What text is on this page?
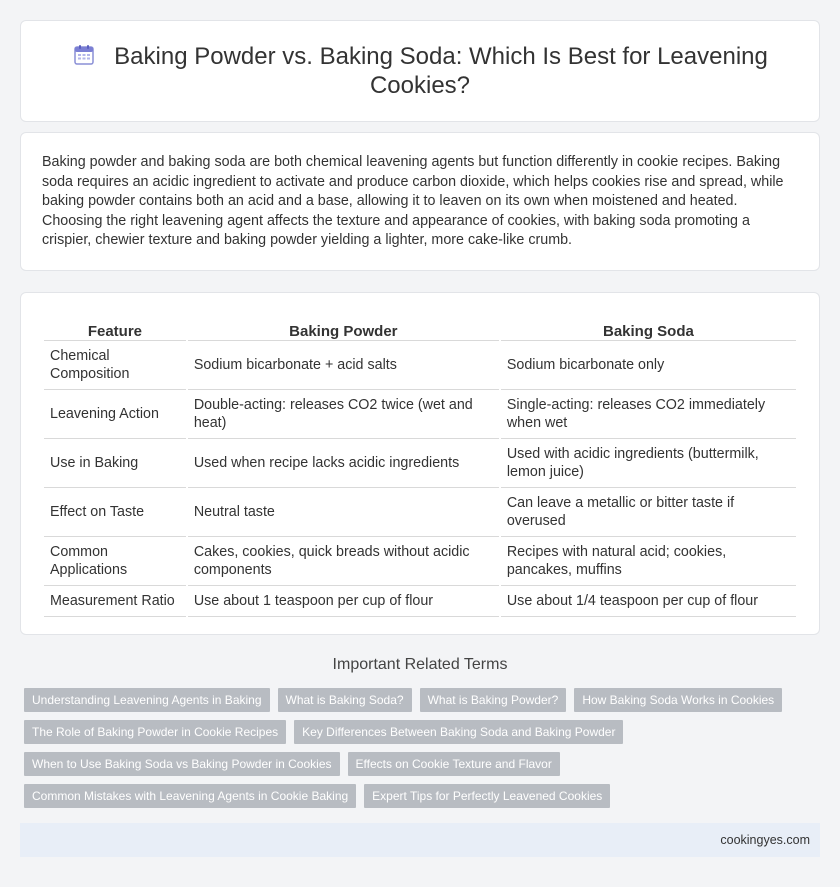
Baking Powder vs. Baking Soda: Which Is Best for Leavening Cookies?

Baking powder and baking soda are both chemical leavening agents but function differently in cookie recipes. Baking soda requires an acidic ingredient to activate and produce carbon dioxide, which helps cookies rise and spread, while baking powder contains both an acid and a base, allowing it to leaven on its own when moistened and heated. Choosing the right leavening agent affects the texture and appearance of cookies, with baking soda promoting a crispier, chewier texture and baking powder yielding a lighter, more cake-like crumb.

Feature	Baking Powder	Baking Soda
Chemical Composition	Sodium bicarbonate + acid salts	Sodium bicarbonate only
Leavening Action	Double-acting: releases CO2 twice (wet and heat)	Single-acting: releases CO2 immediately when wet
Use in Baking	Used when recipe lacks acidic ingredients	Used with acidic ingredients (buttermilk, lemon juice)
Effect on Taste	Neutral taste	Can leave a metallic or bitter taste if overused
Common Applications	Cakes, cookies, quick breads without acidic components	Recipes with natural acid; cookies, pancakes, muffins
Measurement Ratio	Use about 1 teaspoon per cup of flour	Use about 1/4 teaspoon per cup of flour
Important Related Terms
Understanding Leavening Agents in Baking	What is Baking Soda?	What is Baking Powder?	How Baking Soda Works in Cookies
The Role of Baking Powder in Cookie Recipes	Key Differences Between Baking Soda and Baking Powder
When to Use Baking Soda vs Baking Powder in Cookies	Effects on Cookie Texture and Flavor
Common Mistakes with Leavening Agents in Cookie Baking	Expert Tips for Perfectly Leavened Cookies
cookingyes.com
